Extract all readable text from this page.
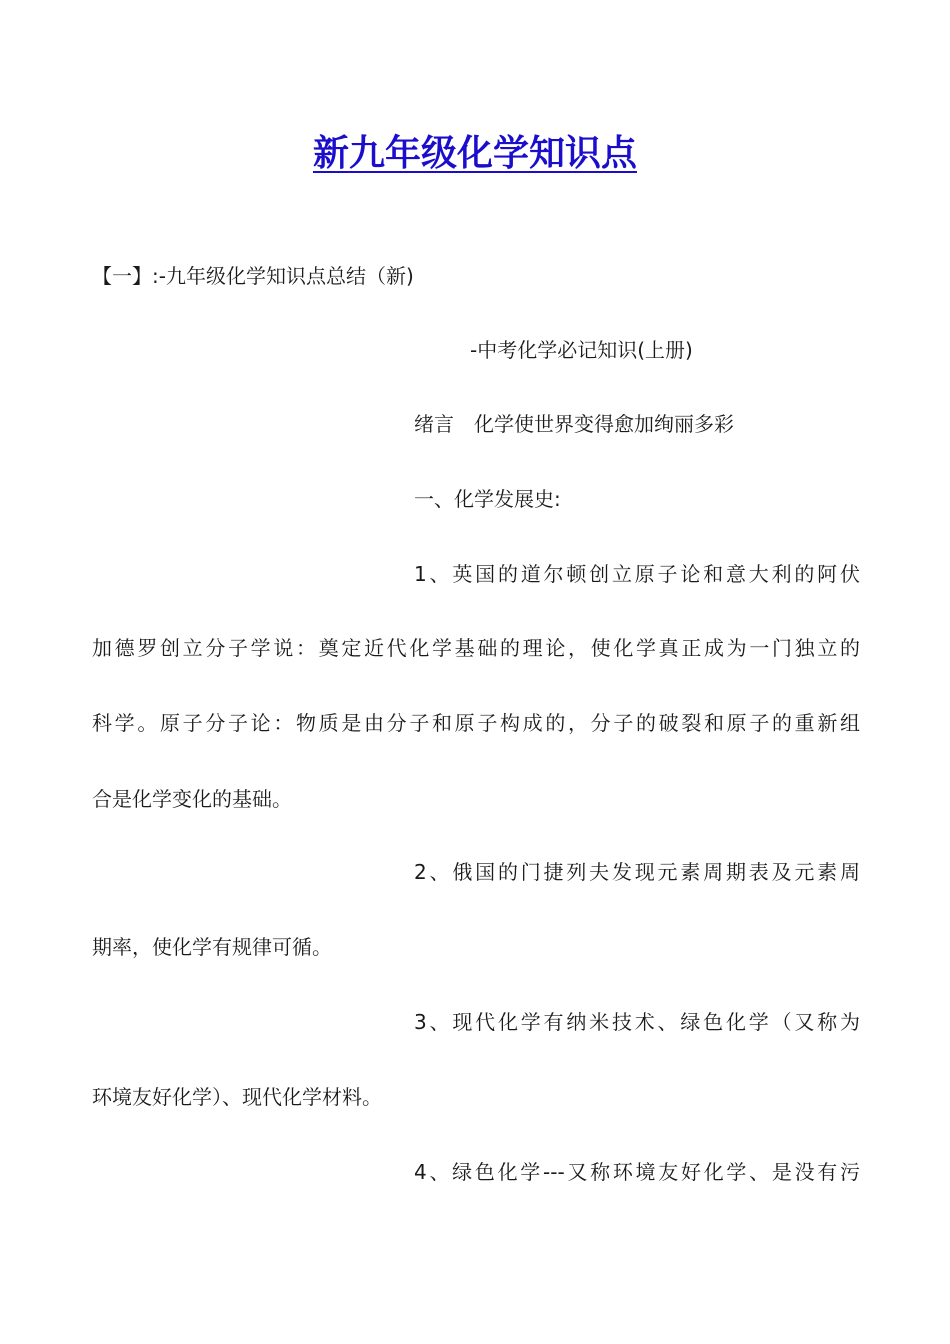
新九年级化学知识点

【一】:-九年级化学知识点总结（新)

-中考化学必记知识(上册)

绪言　化学使世界变得愈加绚丽多彩

一、化学发展史:

1、英国的道尔顿创立原子论和意大利的阿伏

加德罗创立分子学说：奠定近代化学基础的理论，使化学真正成为一门独立的

科学。原子分子论：物质是由分子和原子构成的，分子的破裂和原子的重新组

合是化学变化的基础。

2、俄国的门捷列夫发现元素周期表及元素周

期率，使化学有规律可循。

3、现代化学有纳米技术、绿色化学（又称为

环境友好化学）、现代化学材料。

4、绿色化学---又称环境友好化学、是没有污
